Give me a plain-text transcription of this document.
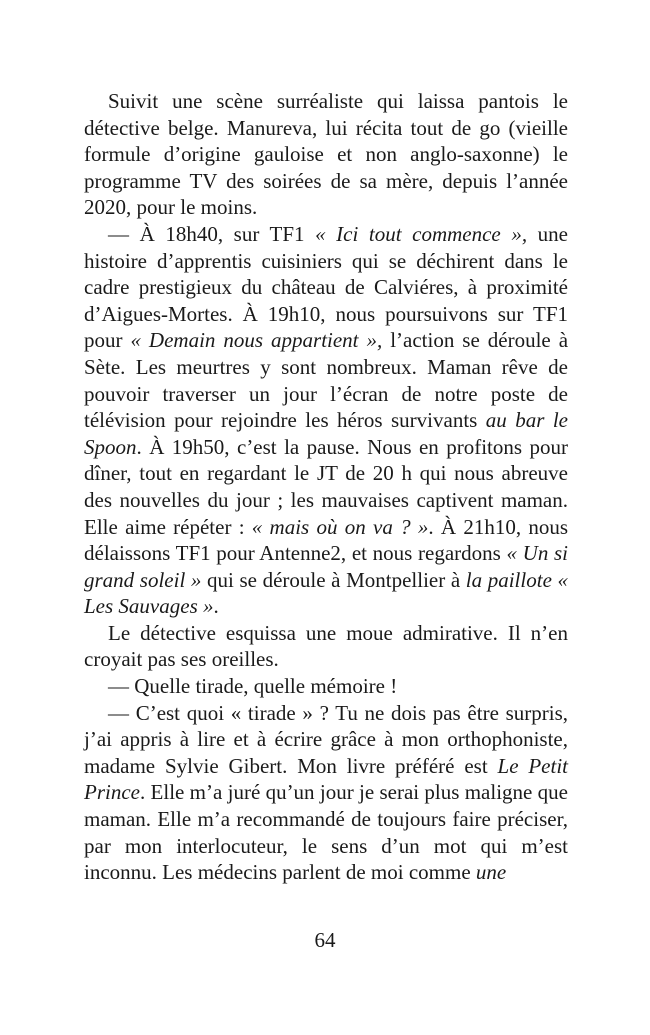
Suivit une scène surréaliste qui laissa pantois le détective belge. Manureva, lui récita tout de go (vieille formule d’origine gauloise et non anglo-saxonne) le programme TV des soirées de sa mère, depuis l’année 2020, pour le moins.

— À 18h40, sur TF1 « Ici tout commence », une histoire d’apprentis cuisiniers qui se déchirent dans le cadre prestigieux du château de Calviéres, à proximité d’Aigues-Mortes. À 19h10, nous poursuivons sur TF1 pour « Demain nous appartient », l’action se déroule à Sète. Les meurtres y sont nombreux. Maman rêve de pouvoir traverser un jour l’écran de notre poste de télévision pour rejoindre les héros survivants au bar le Spoon. À 19h50, c’est la pause. Nous en profitons pour dîner, tout en regardant le JT de 20 h qui nous abreuve des nouvelles du jour ; les mauvaises captivent maman. Elle aime répéter : « mais où on va ? ». À 21h10, nous délaissons TF1 pour Antenne2, et nous regardons « Un si grand soleil » qui se déroule à Montpellier à la paillote « Les Sauvages ».

Le détective esquissa une moue admirative. Il n’en croyait pas ses oreilles.

— Quelle tirade, quelle mémoire !

— C’est quoi « tirade » ? Tu ne dois pas être surpris, j’ai appris à lire et à écrire grâce à mon orthophoniste, madame Sylvie Gibert. Mon livre préféré est Le Petit Prince. Elle m’a juré qu’un jour je serai plus maligne que maman. Elle m’a recommandé de toujours faire préciser, par mon interlocuteur, le sens d’un mot qui m’est inconnu. Les médecins parlent de moi comme une

64
